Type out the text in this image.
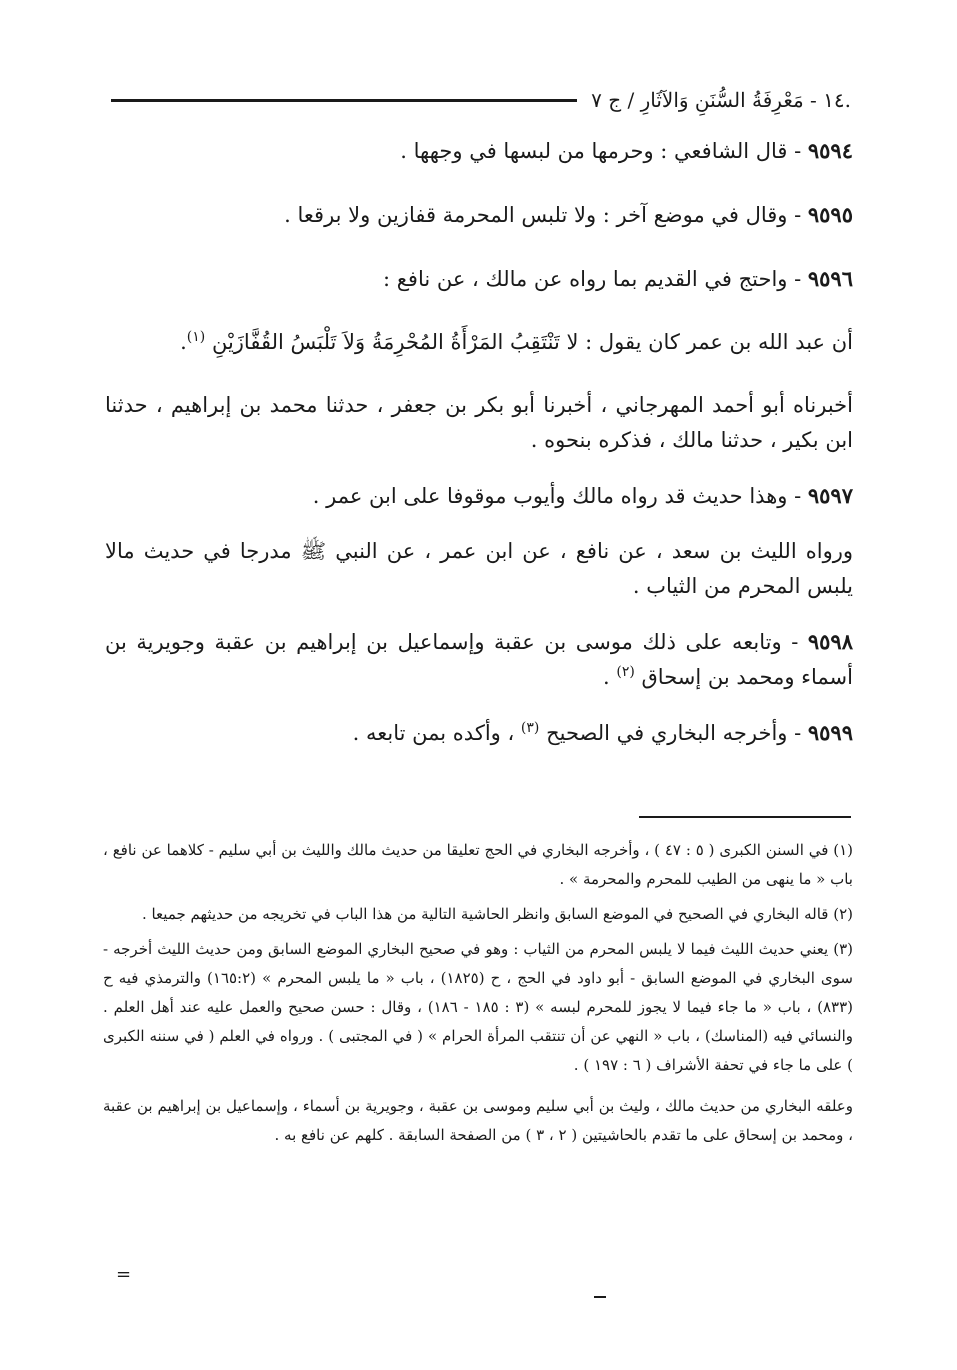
.١٤ - مَعْرِفَةُ السُّنَنِ وَالآثَارِ / ج ٧

٩٥٩٤ - قال الشافعي : وحرمها من لبسها في وجهها .

٩٥٩٥ - وقال في موضع آخر : ولا تلبس المحرمة قفازين ولا برقعا .

٩٥٩٦ - واحتج في القديم بما رواه عن مالك ، عن نافع :

أن عبد الله بن عمر كان يقول : لا تَنْتَقِبُ المَرْأَةُ المُحْرِمَةُ وَلاَ تَلْبَسُ القُفَّازَيْنِ $^{(١)}$.

أخبرناه أبو أحمد المهرجاني ، أخبرنا أبو بكر بن جعفر ، حدثنا محمد بن إبراهيم ، حدثنا ابن بكير ، حدثنا مالك ، فذكره بنحوه .

٩٥٩٧ - وهذا حديث قد رواه مالك وأيوب موقوفا على ابن عمر .

ورواه الليث بن سعد ، عن نافع ، عن ابن عمر ، عن النبي ﷺ مدرجا في حديث مالا يلبس المحرم من الثياب .

٩٥٩٨ - وتابعه على ذلك موسى بن عقبة وإسماعيل بن إبراهيم بن عقبة وجويرية بن أسماء ومحمد بن إسحاق $^{(٢)}$ .

٩٥٩٩ - وأخرجه البخاري في الصحيح $^{(٣)}$ ، وأكده بمن تابعه .

(١) في السنن الكبرى ( ٥ : ٤٧ ) ، وأخرجه البخاري في الحج تعليقا من حديث مالك والليث بن أبي سليم - كلاهما عن نافع ، باب « ما ينهى من الطيب للمحرم والمحرمة » .

(٢) قاله البخاري في الصحيح في الموضع السابق وانظر الحاشية التالية من هذا الباب في تخريجه من حديثهم جميعا .

(٣) يعني حديث الليث فيما لا يلبس المحرم من الثياب : وهو في صحيح البخاري الموضع السابق ومن حديث الليث أخرجه - سوى البخاري في الموضع السابق - أبو داود في الحج ، ح (١٨٢٥) ، باب « ما يلبس المحرم » (١٦٥:٢) والترمذي فيه ح (٨٣٣) ، باب « ما جاء فيما لا يجوز للمحرم لبسه » (٣ : ١٨٥ - ١٨٦) ، وقال : حسن صحيح والعمل عليه عند أهل العلم . والنسائي فيه (المناسك) ، باب « النهي عن أن تنتقب المرأة الحرام » ( في المجتبى ) . ورواه في العلم ( في سننه الكبرى ) على ما جاء في تحفة الأشراف ( ٦ : ١٩٧ ) .

وعلقه البخاري من حديث مالك ، وليث بن أبي سليم وموسى بن عقبة ، وجويرية بن أسماء ، وإسماعيل بن إبراهيم بن عقبة ، ومحمد بن إسحاق على ما تقدم بالحاشيتين ( ٢ ، ٣ ) من الصفحة السابقة . كلهم عن نافع به .

=
